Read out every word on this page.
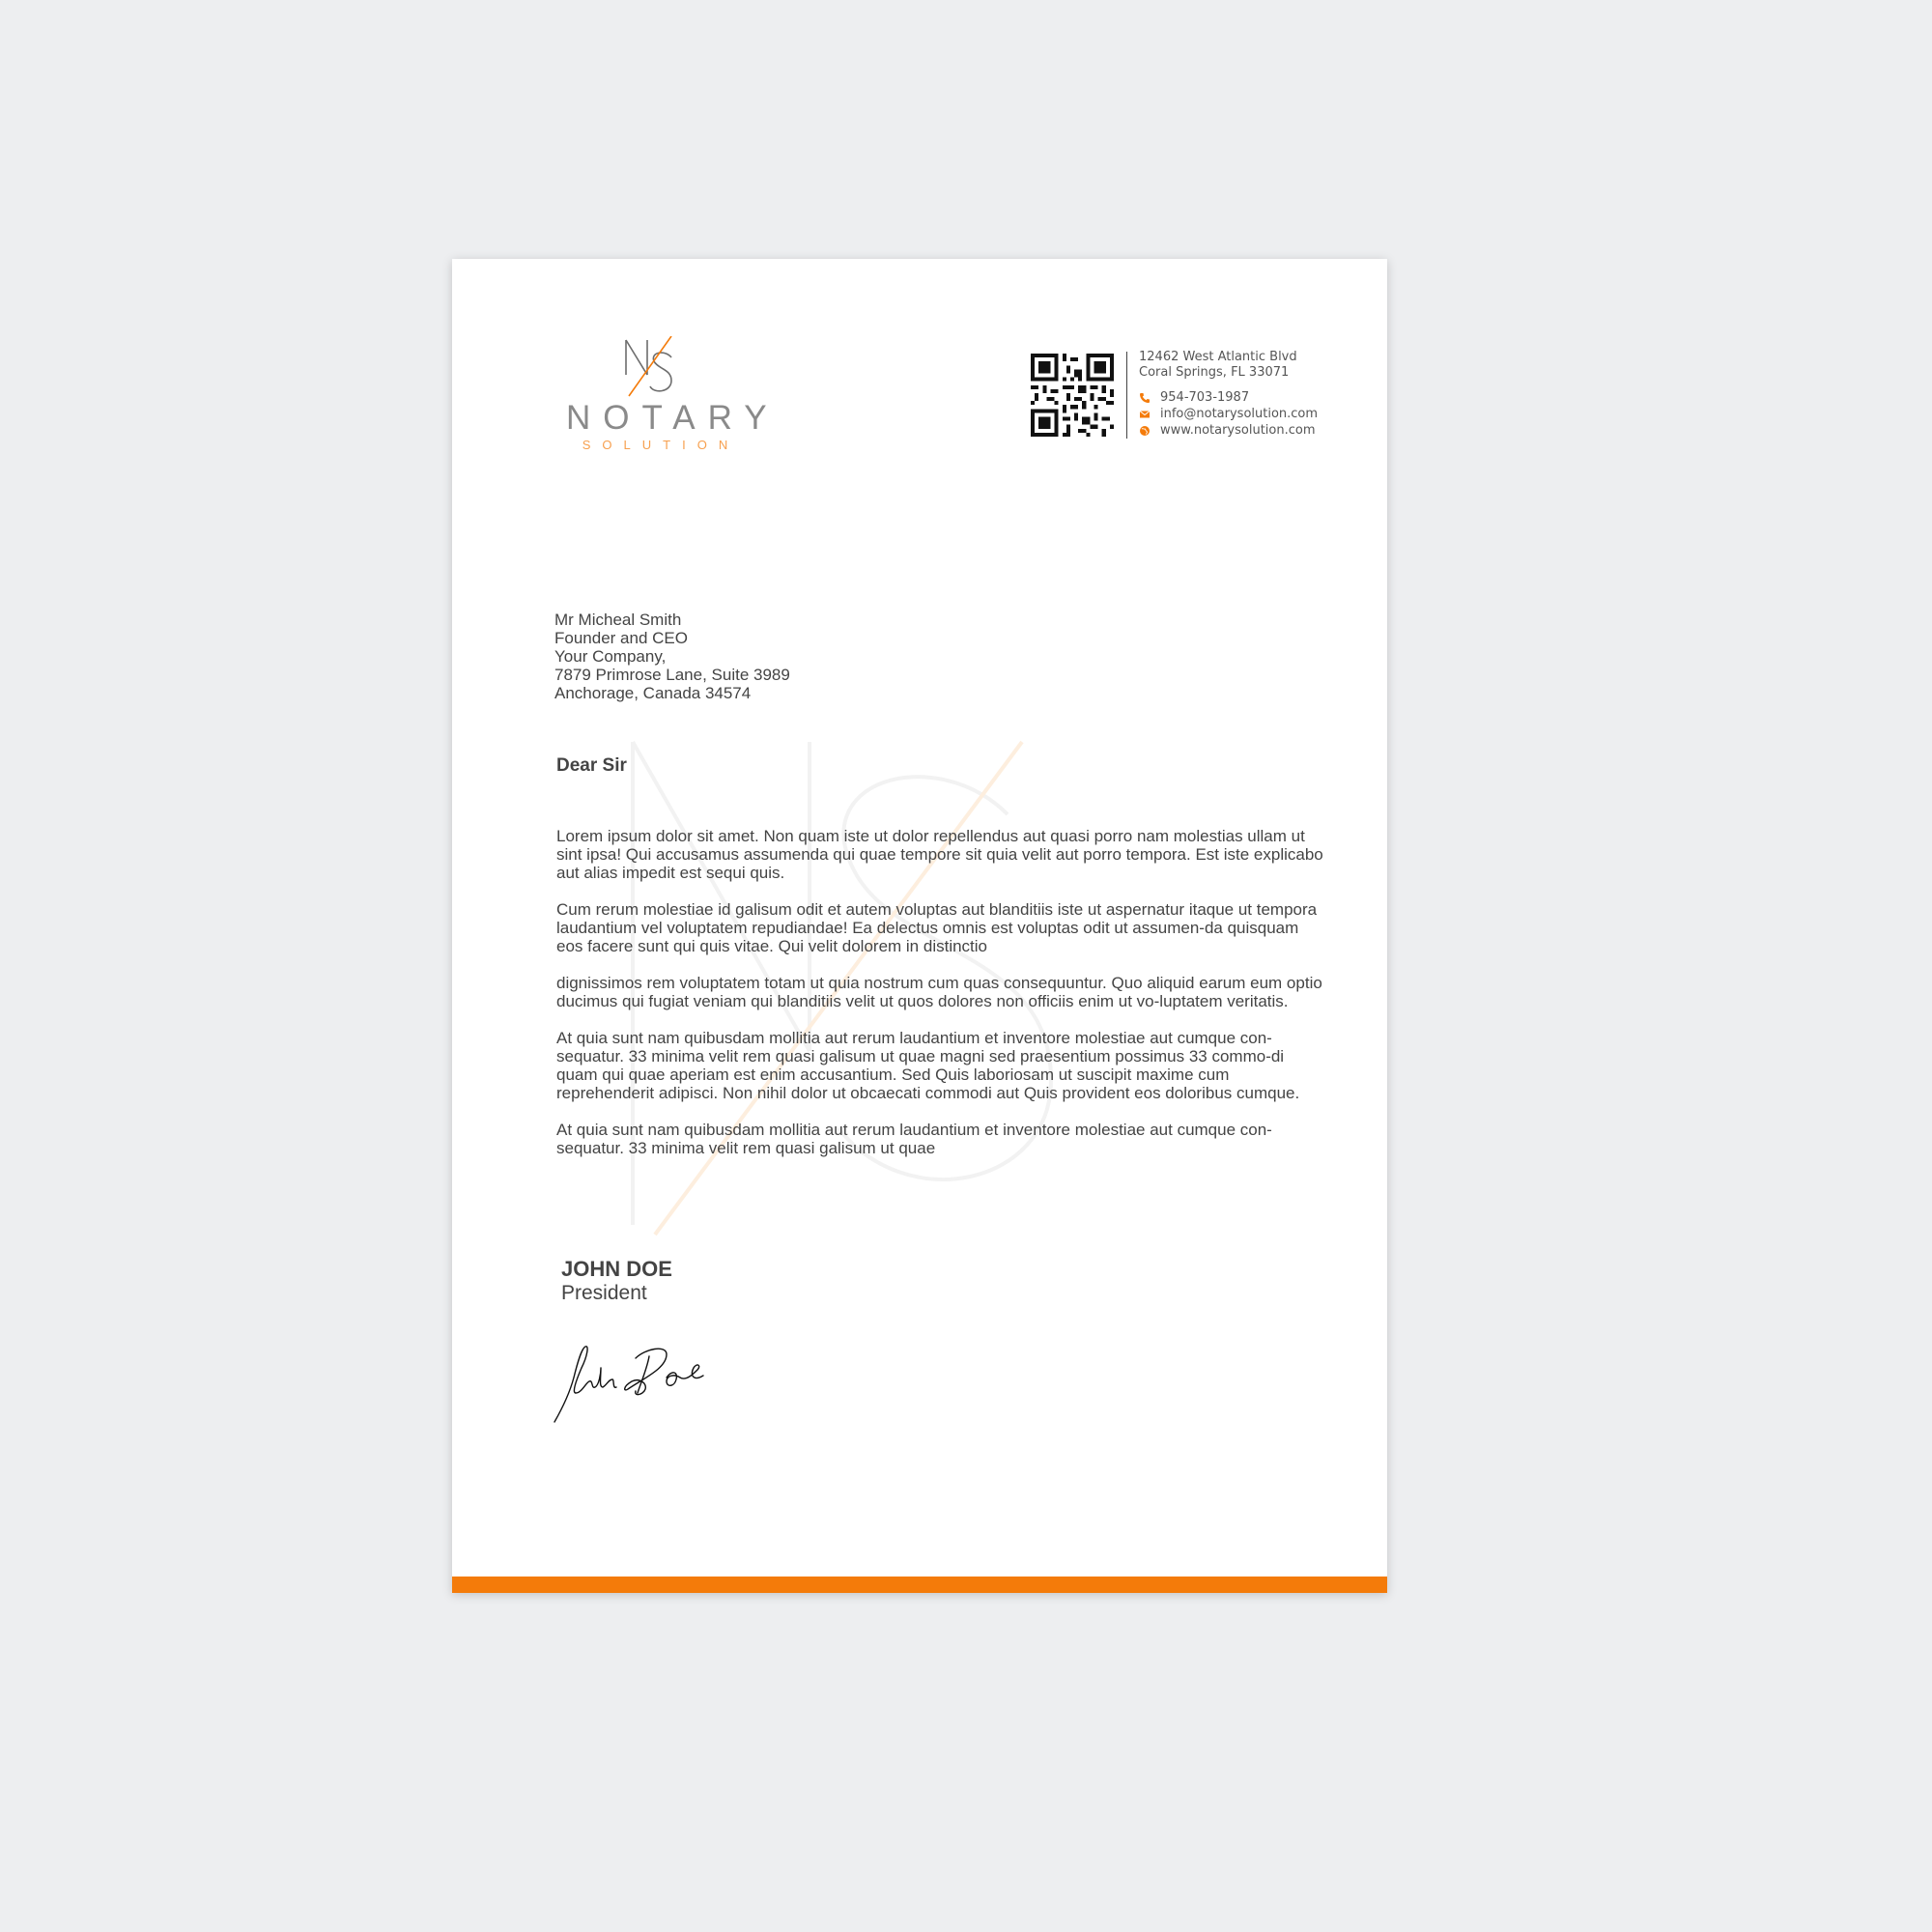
NOTARY
SOLUTION
12462 West Atlantic Blvd
Coral Springs, FL 33071
954-703-1987
info@notarysolution.com
www.notarysolution.com
Mr Micheal Smith
Founder and CEO
Your Company,
7879 Primrose Lane, Suite 3989
Anchorage, Canada 34574
Dear Sir

Lorem ipsum dolor sit amet. Non quam iste ut dolor repellendus aut quasi porro nam molestias ullam ut sint ipsa! Qui accusamus assumenda qui quae tempore sit quia velit aut porro tempora. Est iste explicabo aut alias impedit est sequi quis.

Cum rerum molestiae id galisum odit et autem voluptas aut blanditiis iste ut aspernatur itaque ut tempora laudantium vel voluptatem repudiandae! Ea delectus omnis est voluptas odit ut assumen-da quisquam eos facere sunt qui quis vitae. Qui velit dolorem in distinctio

dignissimos rem voluptatem totam ut quia nostrum cum quas consequuntur. Quo aliquid earum eum optio ducimus qui fugiat veniam qui blanditiis velit ut quos dolores non officiis enim ut vo-luptatem veritatis.

At quia sunt nam quibusdam mollitia aut rerum laudantium et inventore molestiae aut cumque con-sequatur. 33 minima velit rem quasi galisum ut quae magni sed praesentium possimus 33 commo-di quam qui quae aperiam est enim accusantium. Sed Quis laboriosam ut suscipit maxime cum reprehenderit adipisci. Non nihil dolor ut obcaecati commodi aut Quis provident eos doloribus cumque.

At quia sunt nam quibusdam mollitia aut rerum laudantium et inventore molestiae aut cumque con-sequatur. 33 minima velit rem quasi galisum ut quae

JOHN DOE
President
